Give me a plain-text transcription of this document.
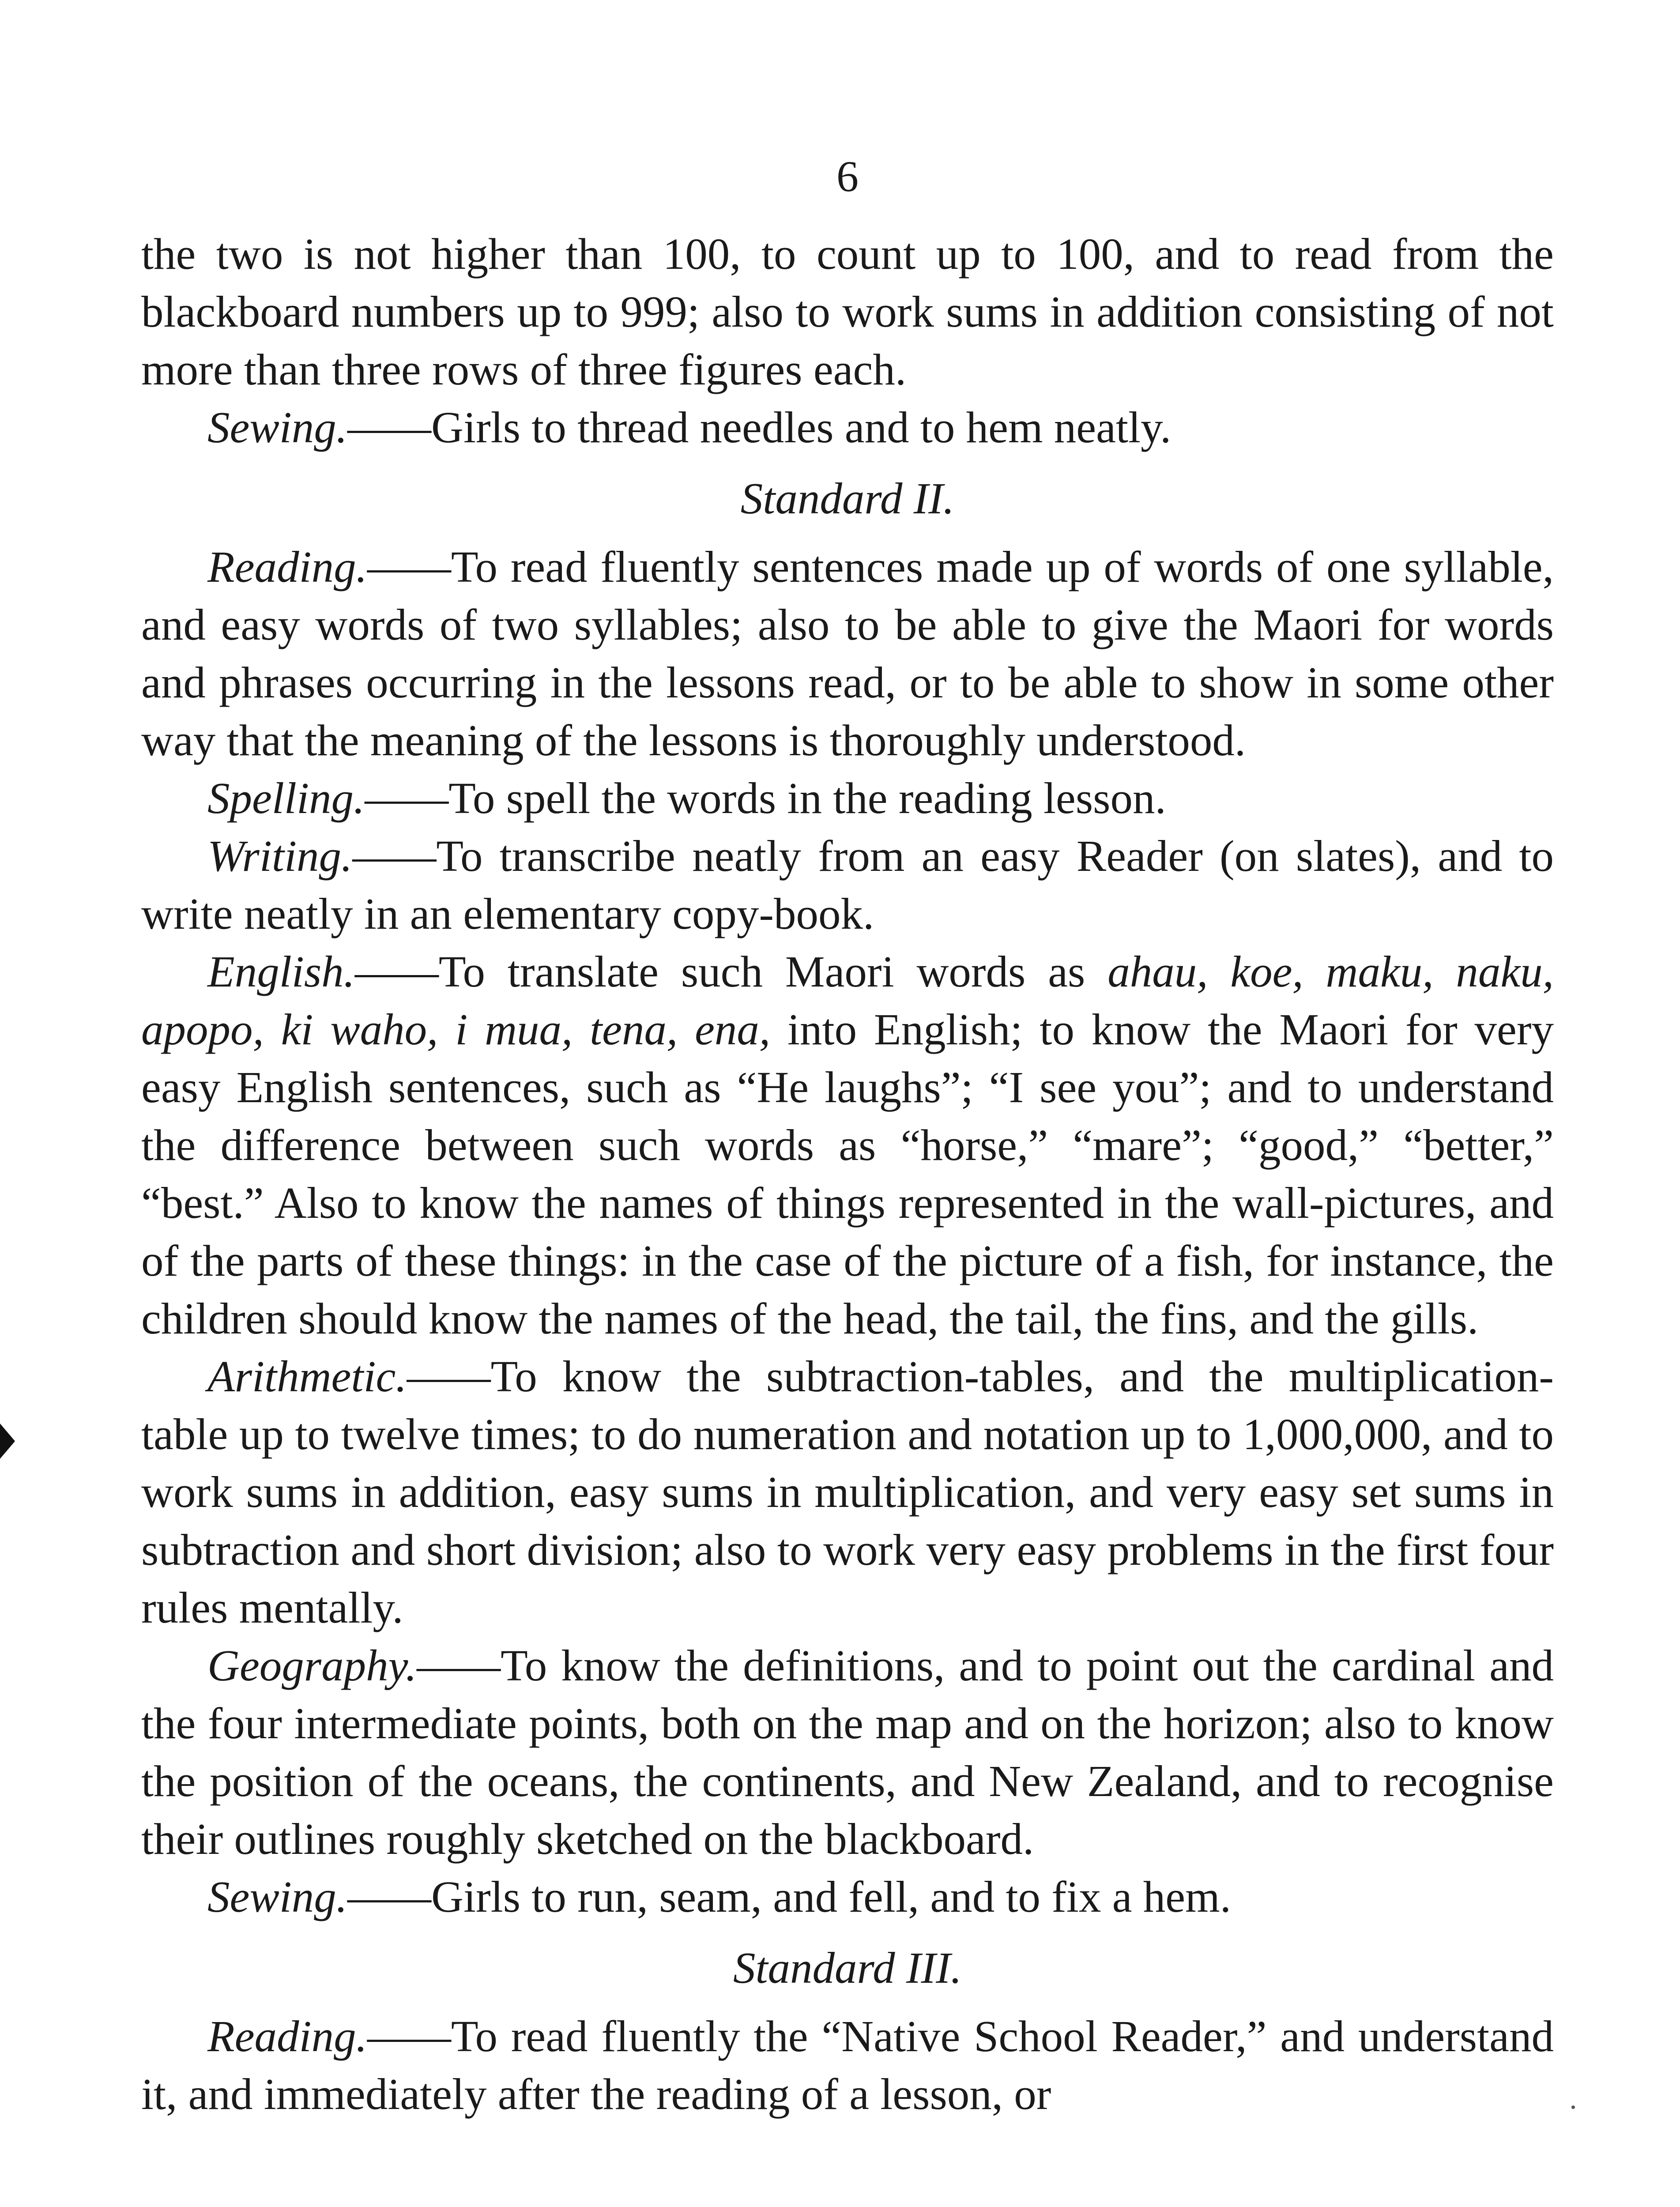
6

the two is not higher than 100, to count up to 100, and to read from the blackboard numbers up to 999; also to work sums in addition consisting of not more than three rows of three figures each.

Sewing. —— Girls to thread needles and to hem neatly.

Standard II.

Reading. —— To read fluently sentences made up of words of one syllable, and easy words of two syllables; also to be able to give the Maori for words and phrases occurring in the lessons read, or to be able to show in some other way that the meaning of the lessons is thoroughly understood.

Spelling. —— To spell the words in the reading lesson.

Writing. —— To transcribe neatly from an easy Reader (on slates), and to write neatly in an elementary copy-book.

English. —— To translate such Maori words as ahau, koe, maku, naku, apopo, ki waho, i mua, tena, ena, into English; to know the Maori for very easy English sentences, such as “He laughs”; “I see you”; and to understand the difference between such words as “horse,” “mare”; “good,” “better,” “best.” Also to know the names of things represented in the wall-pictures, and of the parts of these things: in the case of the picture of a fish, for instance, the children should know the names of the head, the tail, the fins, and the gills.

Arithmetic. —— To know the subtraction-tables, and the multiplication-table up to twelve times; to do numeration and notation up to 1,000,000, and to work sums in addition, easy sums in multiplication, and very easy set sums in subtraction and short division; also to work very easy problems in the first four rules mentally.

Geography. —— To know the definitions, and to point out the cardinal and the four intermediate points, both on the map and on the horizon; also to know the position of the oceans, the continents, and New Zealand, and to recognise their outlines roughly sketched on the blackboard.

Sewing. —— Girls to run, seam, and fell, and to fix a hem.

Standard III.

Reading. —— To read fluently the “Native School Reader,” and understand it, and immediately after the reading of a lesson, or
